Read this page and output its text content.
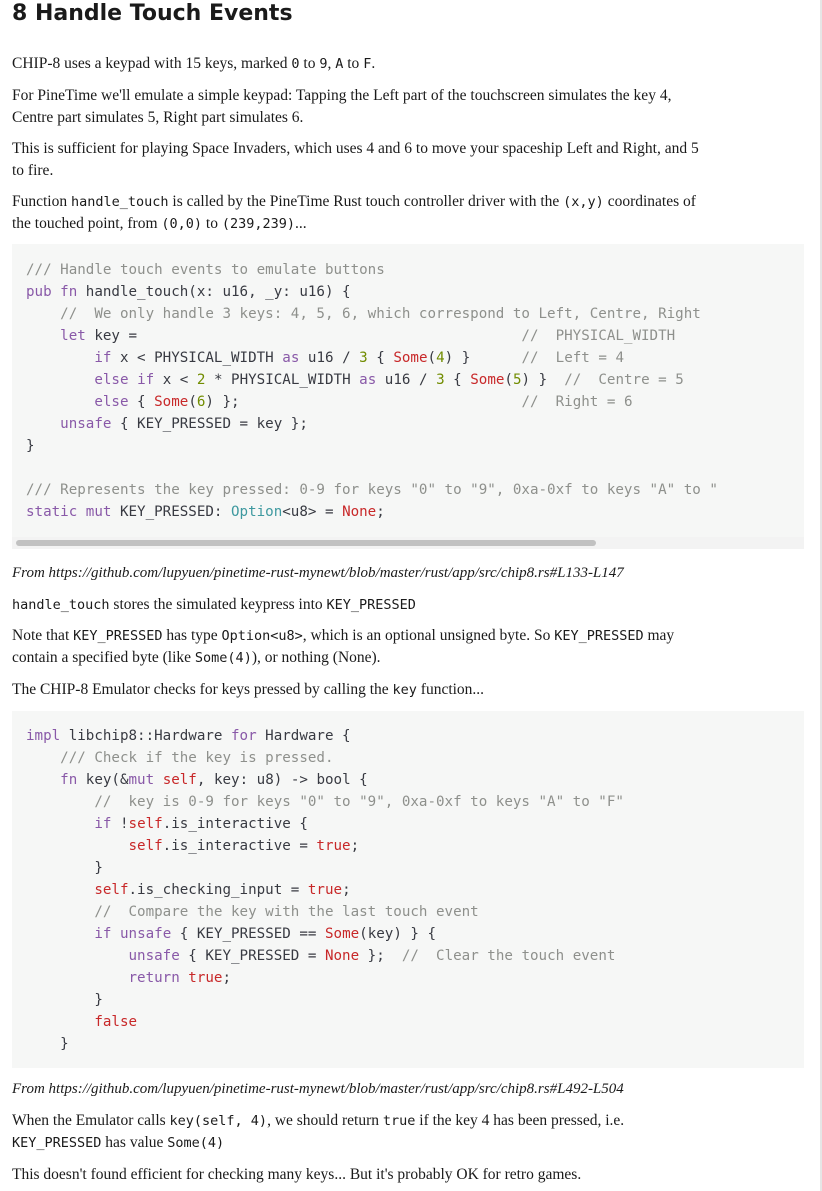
8 Handle Touch Events

CHIP-8 uses a keypad with 15 keys, marked 0 to 9, A to F.

For PineTime we'll emulate a simple keypad: Tapping the Left part of the touchscreen simulates the key 4,
Centre part simulates 5, Right part simulates 6.

This is sufficient for playing Space Invaders, which uses 4 and 6 to move your spaceship Left and Right, and 5
to fire.

Function handle_touch is called by the PineTime Rust touch controller driver with the (x,y) coordinates of
the touched point, from (0,0) to (239,239)...

/// Handle touch events to emulate buttons
pub fn handle_touch(x: u16, _y: u16) {
//  We only handle 3 keys: 4, 5, 6, which correspond to Left, Centre, Right
let key =                                             //  PHYSICAL_WIDTH
if x < PHYSICAL_WIDTH as u16 / 3 { Some(4) }      //  Left = 4
else if x < 2 * PHYSICAL_WIDTH as u16 / 3 { Some(5) }  //  Centre = 5
else { Some(6) };                                 //  Right = 6
unsafe { KEY_PRESSED = key };
}

/// Represents the key pressed: 0-9 for keys "0" to "9", 0xa-0xf to keys "A" to "
static mut KEY_PRESSED: Option<u8> = None;

From https://github.com/lupyuen/pinetime-rust-mynewt/blob/master/rust/app/src/chip8.rs#L133-L147

handle_touch stores the simulated keypress into KEY_PRESSED

Note that KEY_PRESSED has type Option<u8>, which is an optional unsigned byte. So KEY_PRESSED may
contain a specified byte (like Some(4)), or nothing (None).

The CHIP-8 Emulator checks for keys pressed by calling the key function...

impl libchip8::Hardware for Hardware {
/// Check if the key is pressed.
fn key(&mut self, key: u8) -> bool {
//  key is 0-9 for keys "0" to "9", 0xa-0xf to keys "A" to "F"
if !self.is_interactive {
self.is_interactive = true;
}
self.is_checking_input = true;
//  Compare the key with the last touch event
if unsafe { KEY_PRESSED == Some(key) } {
unsafe { KEY_PRESSED = None };  //  Clear the touch event
return true;
}
false
}

From https://github.com/lupyuen/pinetime-rust-mynewt/blob/master/rust/app/src/chip8.rs#L492-L504

When the Emulator calls key(self, 4), we should return true if the key 4 has been pressed, i.e.
KEY_PRESSED has value Some(4)

This doesn't found efficient for checking many keys... But it's probably OK for retro games.
